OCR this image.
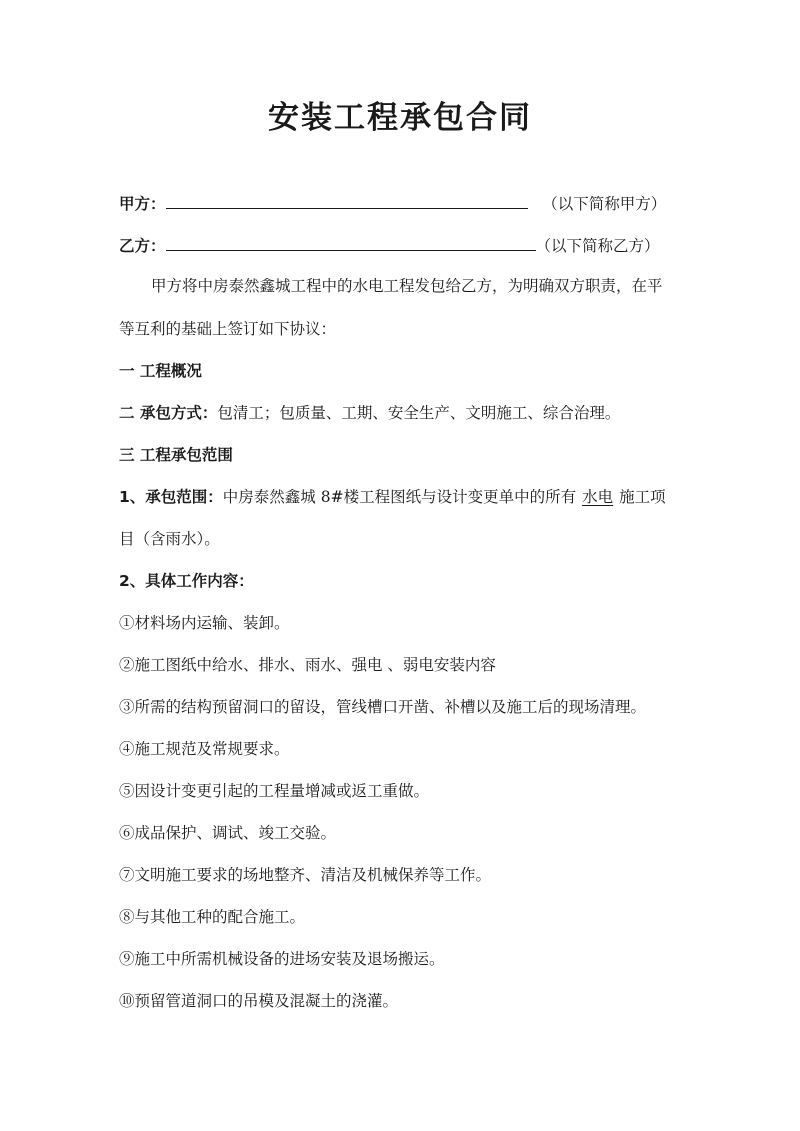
安装工程承包合同
甲方：	（以下简称甲方）
乙方：	（以下简称乙方）
甲方将中房泰然鑫城工程中的水电工程发包给乙方，为明确双方职责，在平
等互利的基础上签订如下协议：
一 工程概况
二 承包方式：包清工；包质量、工期、安全生产、文明施工、综合治理。
三 工程承包范围
1、承包范围：中房泰然鑫城 8#楼工程图纸与设计变更单中的所有 水电 施工项
目（含雨水）。
2、具体工作内容：
①材料场内运输、装卸。
②施工图纸中给水、排水、雨水、强电 、弱电安装内容
③所需的结构预留洞口的留设，管线槽口开凿、补槽以及施工后的现场清理。
④施工规范及常规要求。
⑤因设计变更引起的工程量增减或返工重做。
⑥成品保护、调试、竣工交验。
⑦文明施工要求的场地整齐、清洁及机械保养等工作。
⑧与其他工种的配合施工。
⑨施工中所需机械设备的进场安装及退场搬运。
⑩预留管道洞口的吊模及混凝土的浇灌。
